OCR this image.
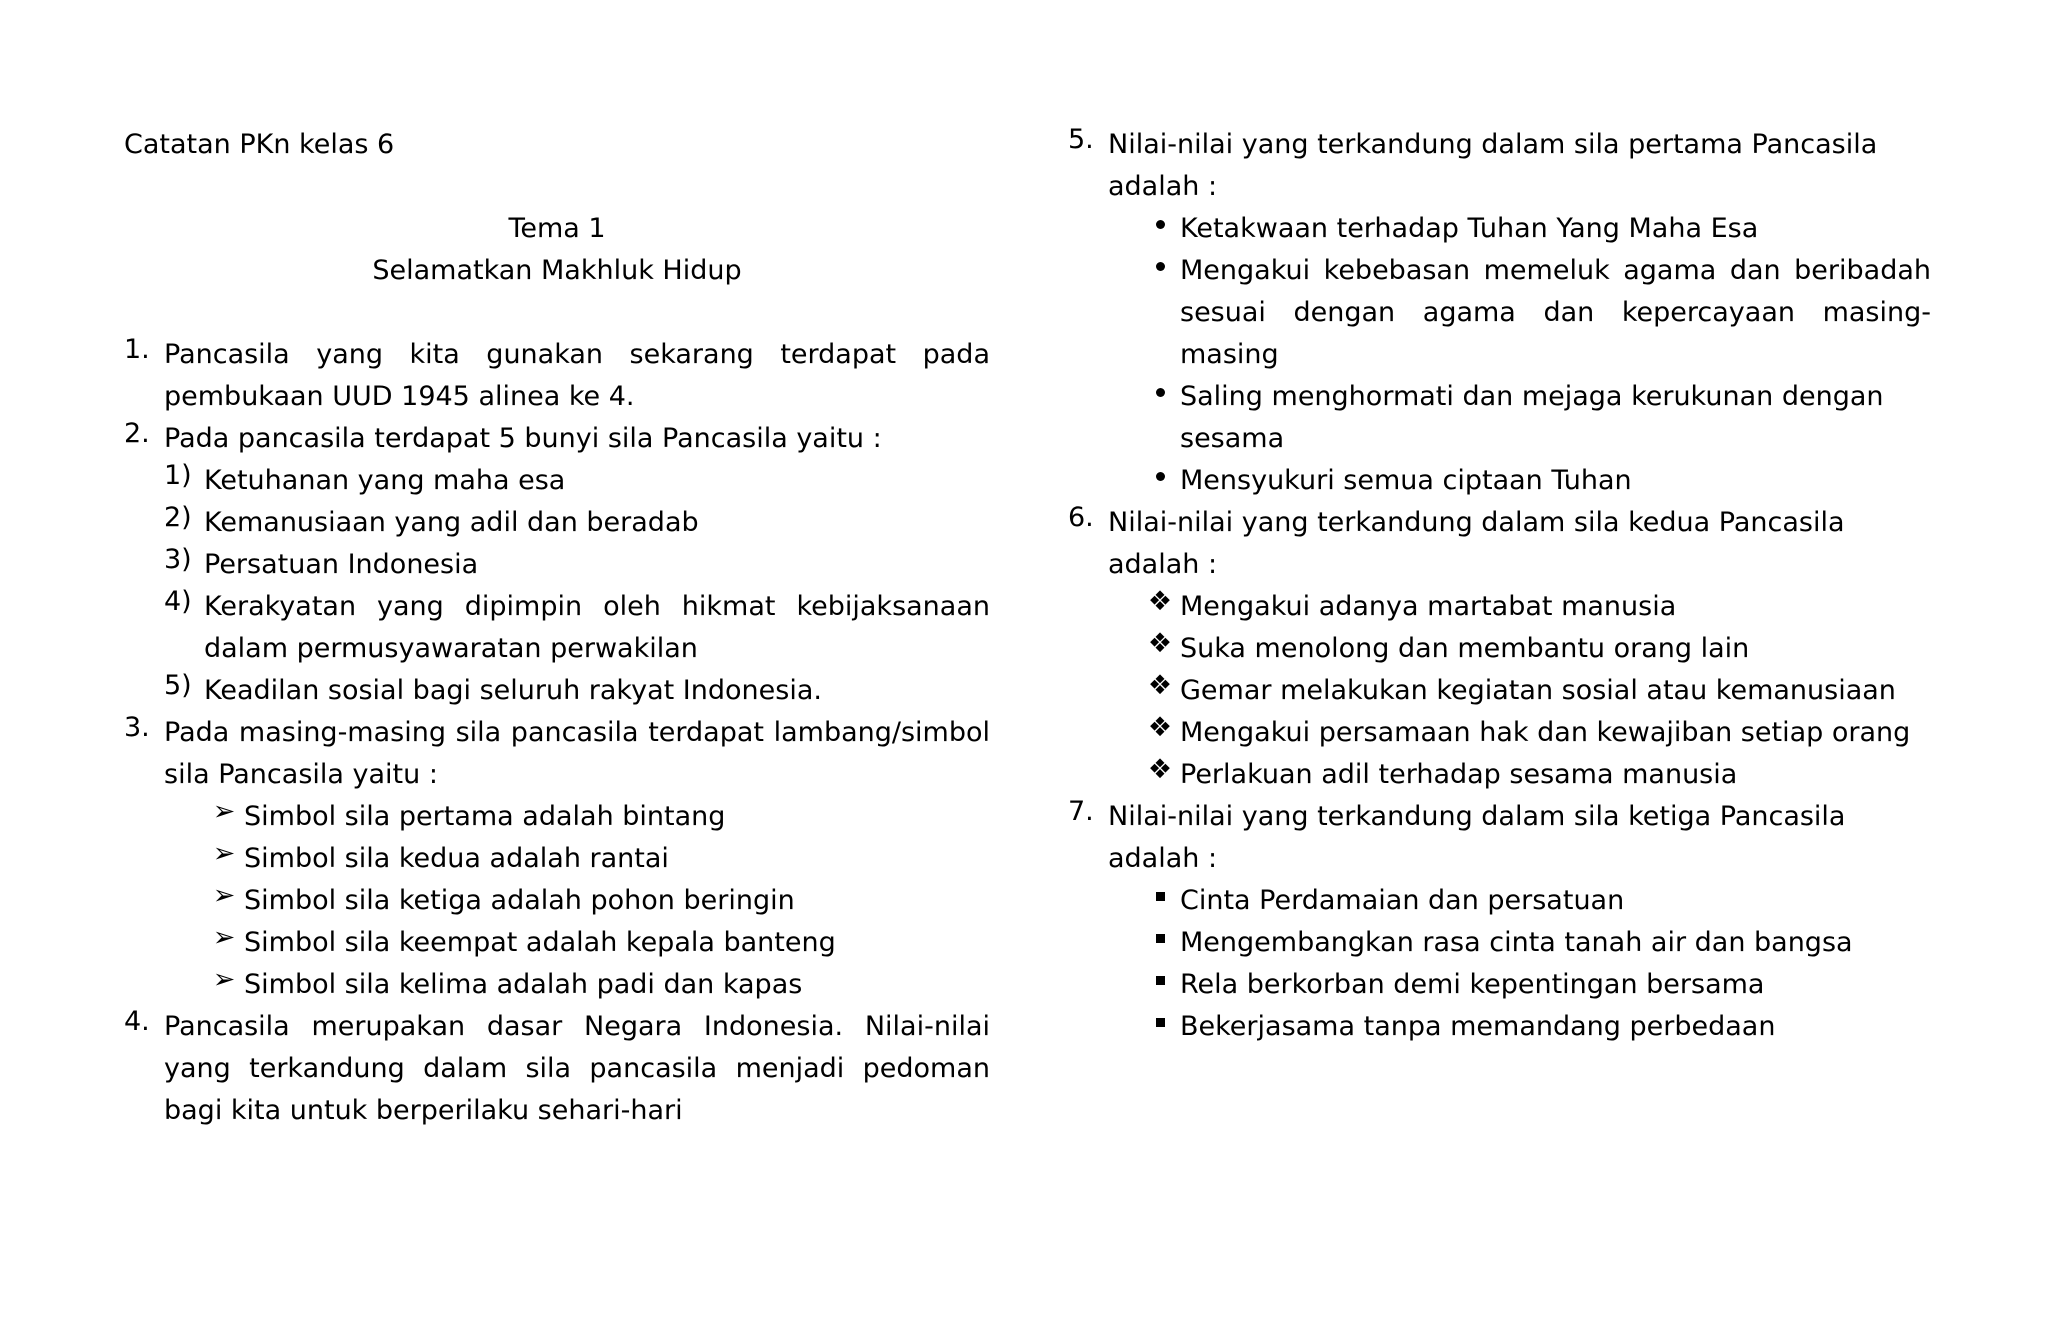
Catatan PKn kelas 6

Tema 1

Selamatkan Makhluk Hidup

1. Pancasila yang kita gunakan sekarang terdapat pada pembukaan UUD 1945 alinea ke 4.

2. Pada pancasila terdapat 5 bunyi sila Pancasila yaitu :

1) Ketuhanan yang maha esa

2) Kemanusiaan yang adil dan beradab

3) Persatuan Indonesia

4) Kerakyatan yang dipimpin oleh hikmat kebijaksanaan dalam permusyawaratan perwakilan

5) Keadilan sosial bagi seluruh rakyat Indonesia.

3. Pada masing-masing sila pancasila terdapat lambang/simbol sila Pancasila yaitu :

➢ Simbol sila pertama adalah bintang

➢ Simbol sila kedua adalah rantai

➢ Simbol sila ketiga adalah pohon beringin

➢ Simbol sila keempat adalah kepala banteng

➢ Simbol sila kelima adalah padi dan kapas

4. Pancasila merupakan dasar Negara Indonesia. Nilai-nilai yang terkandung dalam sila pancasila menjadi pedoman bagi kita untuk berperilaku sehari-hari

5. Nilai-nilai yang terkandung dalam sila pertama Pancasila adalah :

Ketakwaan terhadap Tuhan Yang Maha Esa

Mengakui kebebasan memeluk agama dan beribadah sesuai dengan agama dan kepercayaan masing-masing

Saling menghormati dan mejaga kerukunan dengan sesama

Mensyukuri semua ciptaan Tuhan

6. Nilai-nilai yang terkandung dalam sila kedua Pancasila adalah :

❖ Mengakui adanya martabat manusia

❖ Suka menolong dan membantu orang lain

❖ Gemar melakukan kegiatan sosial atau kemanusiaan

❖ Mengakui persamaan hak dan kewajiban setiap orang

❖ Perlakuan adil terhadap sesama manusia

7. Nilai-nilai yang terkandung dalam sila ketiga Pancasila adalah :

Cinta Perdamaian dan persatuan

Mengembangkan rasa cinta tanah air dan bangsa

Rela berkorban demi kepentingan bersama

Bekerjasama tanpa memandang perbedaan
